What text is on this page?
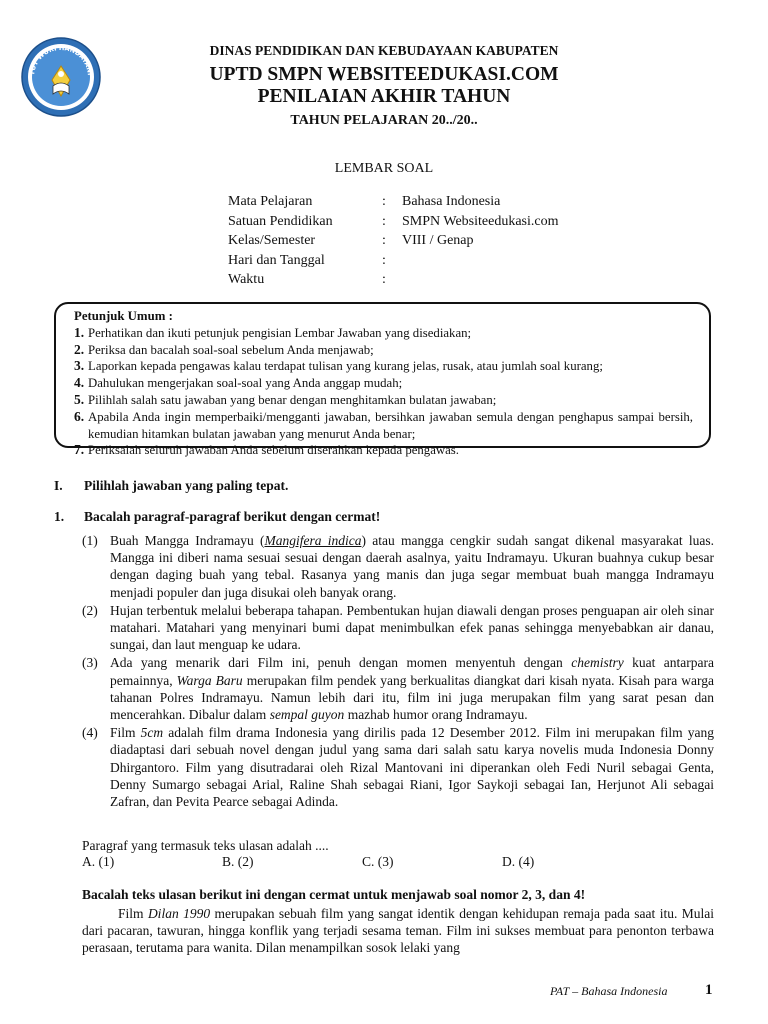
TUT WURI HANDAYANI
DINAS PENDIDIKAN DAN KEBUDAYAAN KABUPATEN
UPTD SMPN WEBSITEEDUKASI.COM
PENILAIAN AKHIR TAHUN
TAHUN PELAJARAN 20../20..
LEMBAR SOAL
Mata Pelajaran	:	Bahasa Indonesia
Satuan Pendidikan	:	SMPN Websiteedukasi.com
Kelas/Semester	:	VIII / Genap
Hari dan Tanggal	:
Waktu	:
Petunjuk Umum :
1. Perhatikan dan ikuti petunjuk pengisian Lembar Jawaban yang disediakan;
2. Periksa dan bacalah soal-soal sebelum Anda menjawab;
3. Laporkan kepada pengawas kalau terdapat tulisan yang kurang jelas, rusak, atau jumlah soal kurang;
4. Dahulukan mengerjakan soal-soal yang Anda anggap mudah;
5. Pilihlah salah satu jawaban yang benar dengan menghitamkan bulatan jawaban;
6. Apabila Anda ingin memperbaiki/mengganti jawaban, bersihkan jawaban semula dengan penghapus sampai bersih, kemudian hitamkan bulatan jawaban yang menurut Anda benar;
7. Periksalah seluruh jawaban Anda sebelum diserahkan kepada pengawas.
I. Pilihlah jawaban yang paling tepat.
1. Bacalah paragraf-paragraf berikut dengan cermat!
(1) Buah Mangga Indramayu (Mangifera indica) atau mangga cengkir sudah sangat dikenal masyarakat luas. Mangga ini diberi nama sesuai sesuai dengan daerah asalnya, yaitu Indramayu. Ukuran buahnya cukup besar dengan daging buah yang tebal. Rasanya yang manis dan juga segar membuat buah mangga Indramayu menjadi populer dan juga disukai oleh banyak orang.
(2) Hujan terbentuk melalui beberapa tahapan. Pembentukan hujan diawali dengan proses penguapan air oleh sinar matahari. Matahari yang menyinari bumi dapat menimbulkan efek panas sehingga menyebabkan air danau, sungai, dan laut menguap ke udara.
(3) Ada yang menarik dari Film ini, penuh dengan momen menyentuh dengan chemistry kuat antarpara pemainnya, Warga Baru merupakan film pendek yang berkualitas diangkat dari kisah nyata. Kisah para warga tahanan Polres Indramayu. Namun lebih dari itu, film ini juga merupakan film yang sarat pesan dan mencerahkan. Dibalur dalam sempal guyon mazhab humor orang Indramayu.
(4) Film 5cm adalah film drama Indonesia yang dirilis pada 12 Desember 2012. Film ini merupakan film yang diadaptasi dari sebuah novel dengan judul yang sama dari salah satu karya novelis muda Indonesia Donny Dhirgantoro. Film yang disutradarai oleh Rizal Mantovani ini diperankan oleh Fedi Nuril sebagai Genta, Denny Sumargo sebagai Arial, Raline Shah sebagai Riani, Igor Saykoji sebagai Ian, Herjunot Ali sebagai Zafran, dan Pevita Pearce sebagai Adinda.
Paragraf yang termasuk teks ulasan adalah ....
A. (1)	B. (2)	C. (3)	D. (4)
Bacalah teks ulasan berikut ini dengan cermat untuk menjawab soal nomor 2, 3, dan 4!
Film Dilan 1990 merupakan sebuah film yang sangat identik dengan kehidupan remaja pada saat itu. Mulai dari pacaran, tawuran, hingga konflik yang terjadi sesama teman. Film ini sukses membuat para penonton terbawa perasaan, terutama para wanita. Dilan menampilkan sosok lelaki yang
PAT – Bahasa Indonesia	1
